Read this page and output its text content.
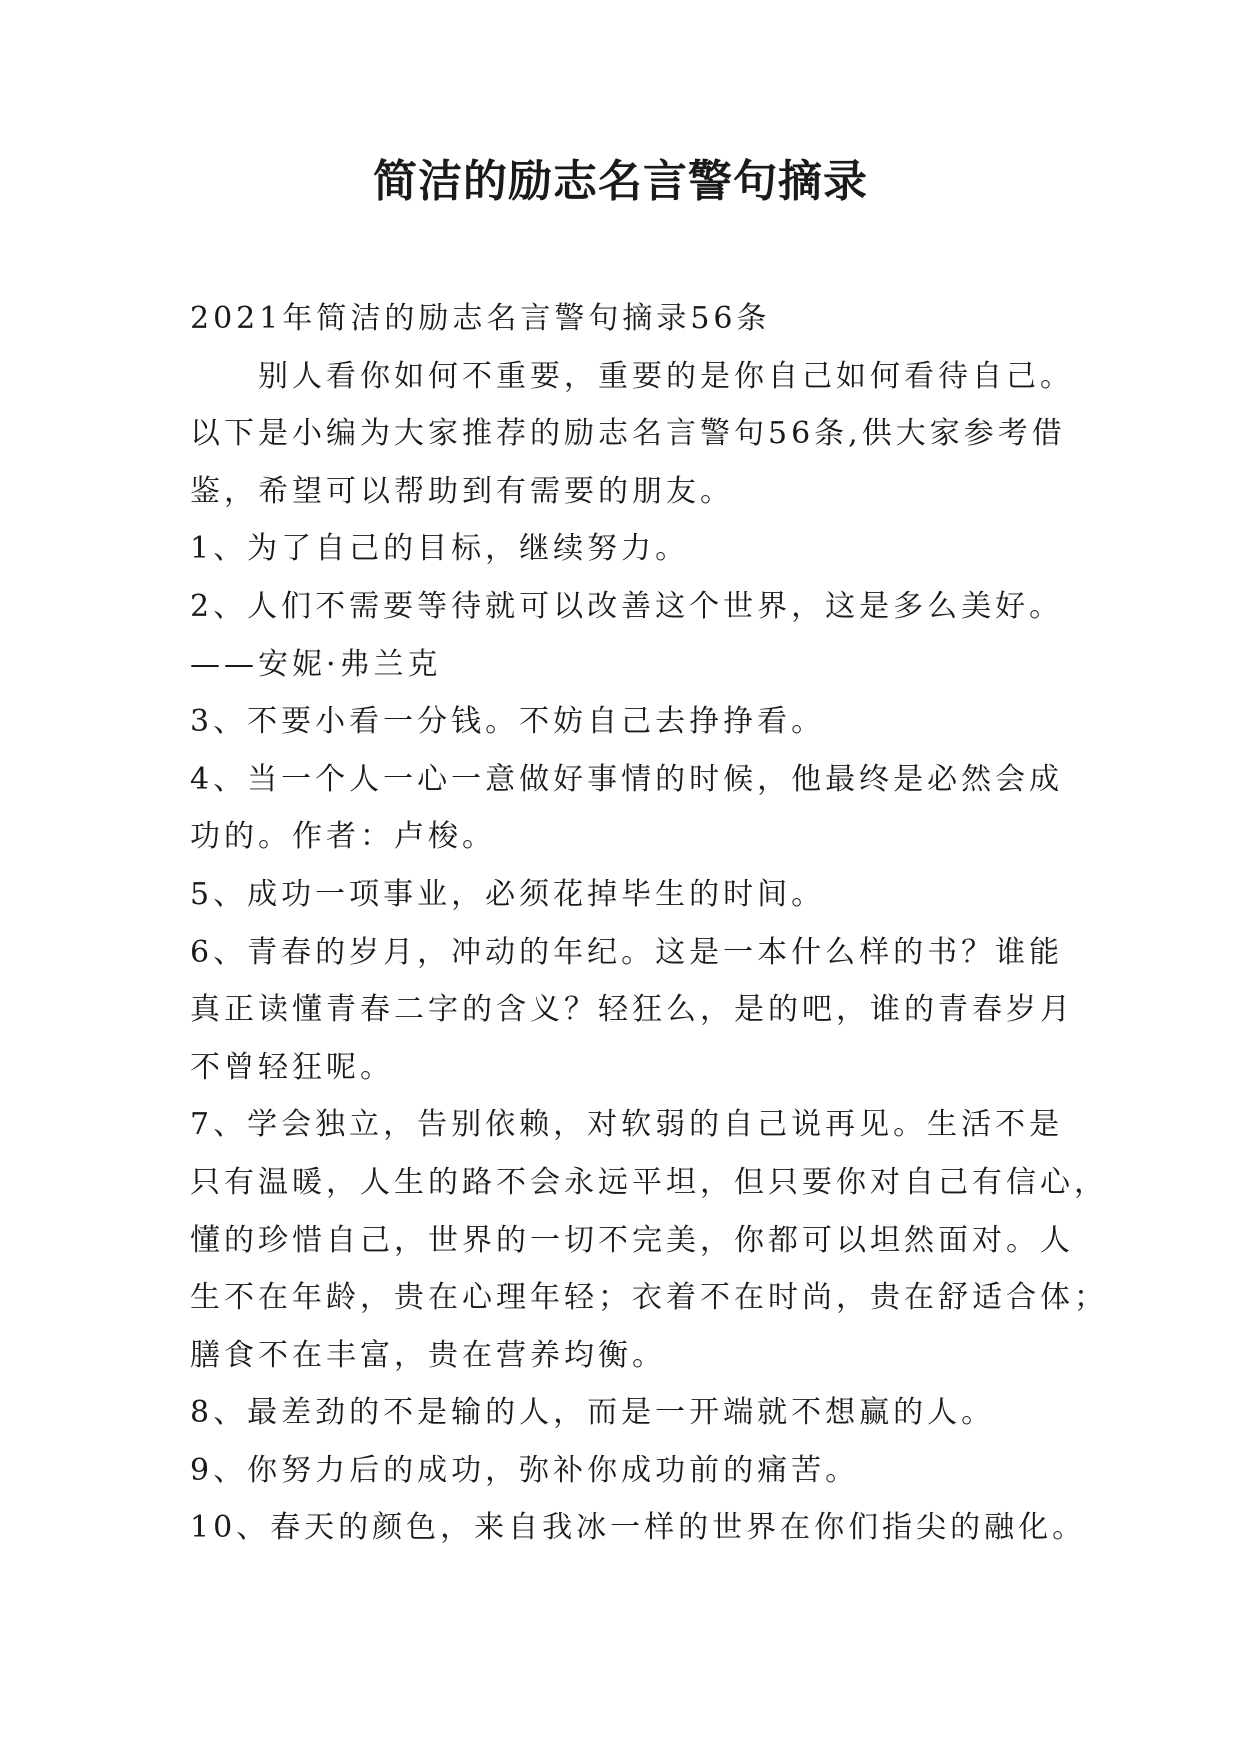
简洁的励志名言警句摘录

2021年简洁的励志名言警句摘录56条

别人看你如何不重要，重要的是你自己如何看待自己。

以下是小编为大家推荐的励志名言警句56条,供大家参考借

鉴，希望可以帮助到有需要的朋友。

1、为了自己的目标，继续努力。

2、人们不需要等待就可以改善这个世界，这是多么美好。

——安妮·弗兰克

3、不要小看一分钱。不妨自己去挣挣看。

4、当一个人一心一意做好事情的时候，他最终是必然会成

功的。作者：卢梭。

5、成功一项事业，必须花掉毕生的时间。

6、青春的岁月，冲动的年纪。这是一本什么样的书？谁能

真正读懂青春二字的含义？轻狂么，是的吧，谁的青春岁月

不曾轻狂呢。

7、学会独立，告别依赖，对软弱的自己说再见。生活不是

只有温暖，人生的路不会永远平坦，但只要你对自己有信心，

懂的珍惜自己，世界的一切不完美，你都可以坦然面对。人

生不在年龄，贵在心理年轻；衣着不在时尚，贵在舒适合体；

膳食不在丰富，贵在营养均衡。

8、最差劲的不是输的人，而是一开端就不想赢的人。

9、你努力后的成功，弥补你成功前的痛苦。

10、春天的颜色，来自我冰一样的世界在你们指尖的融化。
